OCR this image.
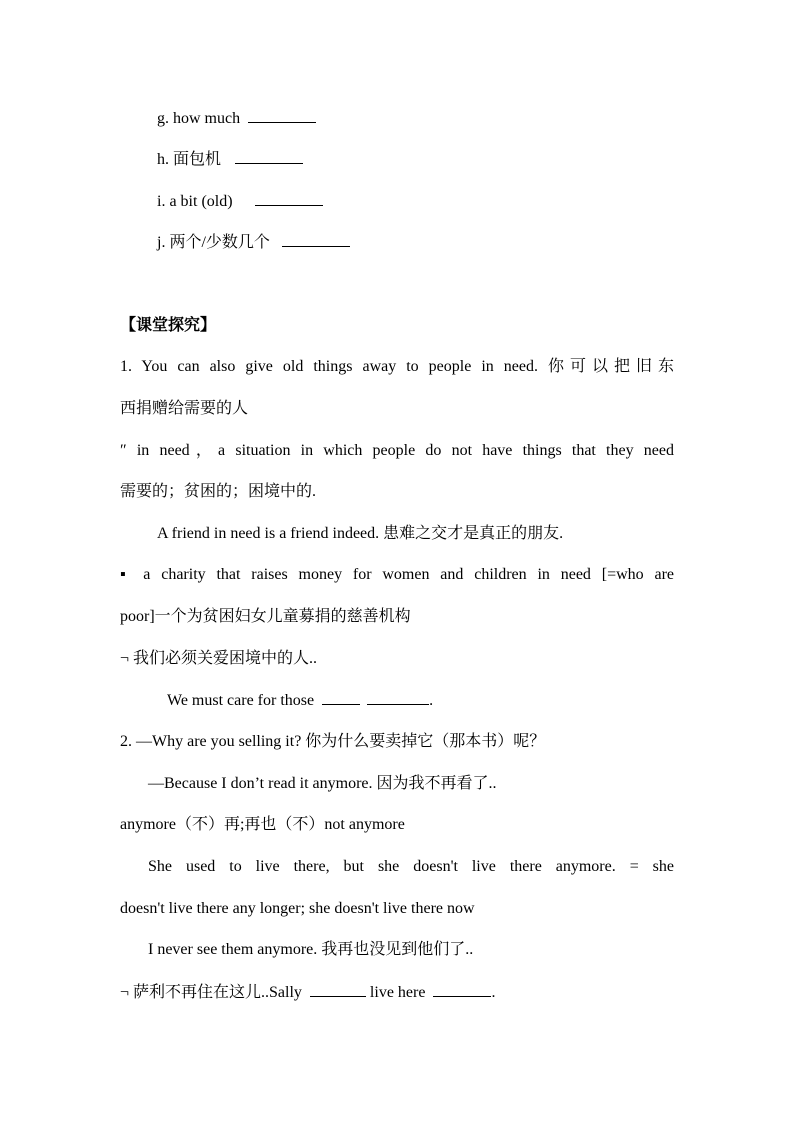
g. how much
h. 面包机
i. a bit (old)
j. 两个/少数几个
【课堂探究】
1. You can also give old things away to people in need. 你可以把旧东
西捐赠给需要的人
″ in need，a situation in which people do not have things that they need
需要的；贫困的；困境中的.
A friend in need is a friend indeed. 患难之交才是真正的朋友.
▪ a charity that raises money for women and children in need [=who are
poor]一个为贫困妇女儿童募捐的慈善机构
¬ 我们必须关爱困境中的人..
We must care for those	.
2. —Why are you selling it? 你为什么要卖掉它（那本书）呢？
—Because I don’t read it anymore. 因为我不再看了..
anymore（不）再;再也（不）not anymore
She used to live there, but she doesn't live there anymore. = she
doesn't live there any longer; she doesn't live there now
I never see them anymore. 我再也没见到他们了..
¬ 萨利不再住在这儿..Sally	live here	.
